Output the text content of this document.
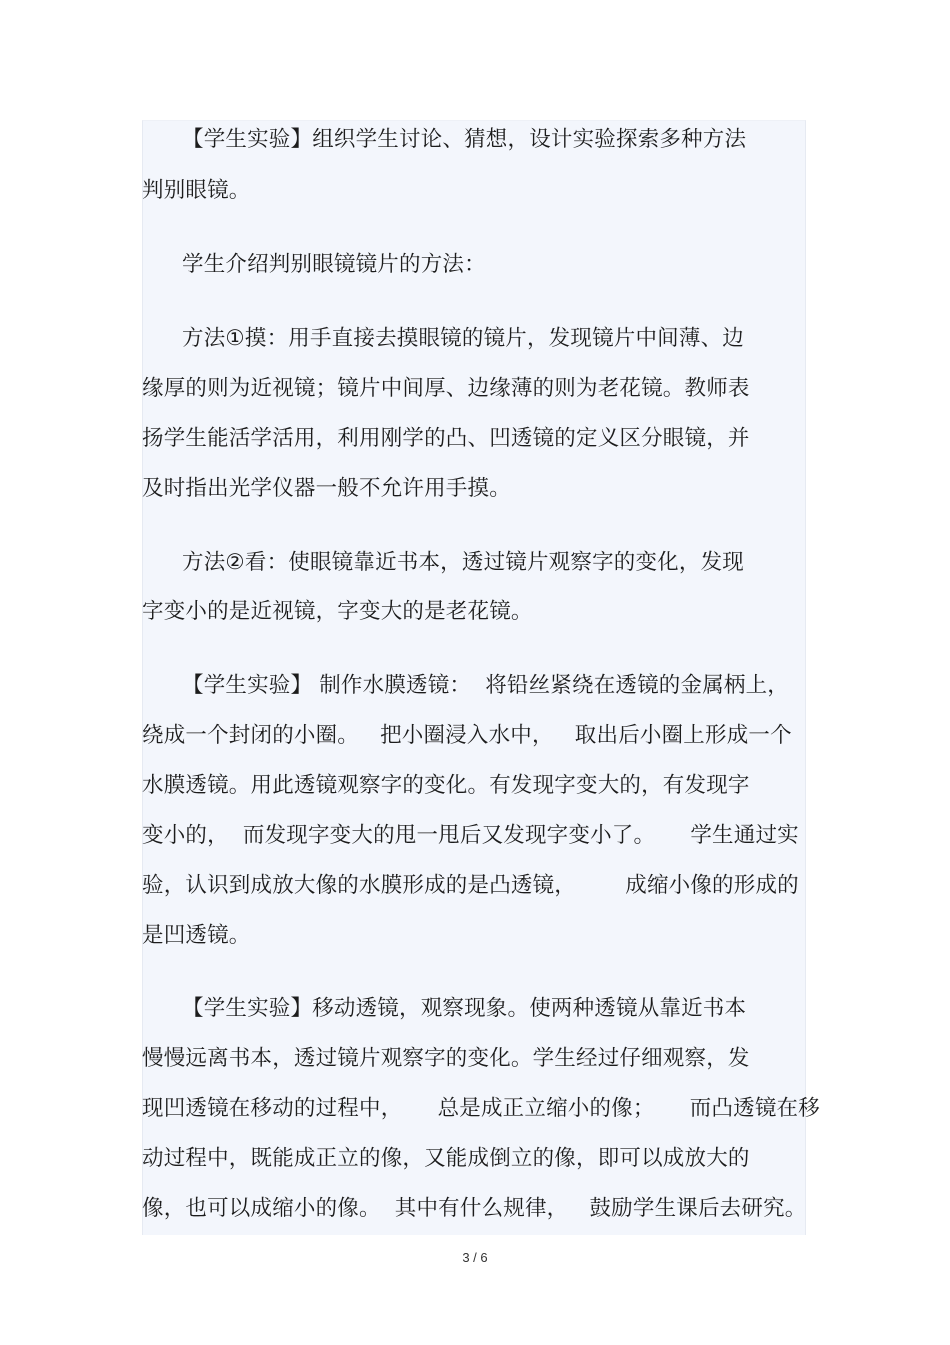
【学生实验】组织学生讨论、猜想，设计实验探索多种方法
判别眼镜。
学生介绍判别眼镜镜片的方法：
方法①摸：用手直接去摸眼镜的镜片，发现镜片中间薄、边
缘厚的则为近视镜；镜片中间厚、边缘薄的则为老花镜。教师表
扬学生能活学活用，利用刚学的凸、凹透镜的定义区分眼镜，并
及时指出光学仪器一般不允许用手摸。
方法②看：使眼镜靠近书本，透过镜片观察字的变化，发现
字变小的是近视镜，字变大的是老花镜。
【学生实验】 制作水膜透镜：  将铅丝紧绕在透镜的金属柄上，
绕成一个封闭的小圈。   把小圈浸入水中，   取出后小圈上形成一个
水膜透镜。用此透镜观察字的变化。有发现字变大的，有发现字
变小的，  而发现字变大的甩一甩后又发现字变小了。     学生通过实
验，认识到成放大像的水膜形成的是凸透镜，       成缩小像的形成的
是凹透镜。
【学生实验】移动透镜，观察现象。使两种透镜从靠近书本
慢慢远离书本，透过镜片观察字的变化。学生经过仔细观察，发
现凹透镜在移动的过程中，     总是成正立缩小的像；     而凸透镜在移
动过程中，既能成正立的像，又能成倒立的像，即可以成放大的
像，也可以成缩小的像。  其中有什么规律，   鼓励学生课后去研究。
3 / 6
